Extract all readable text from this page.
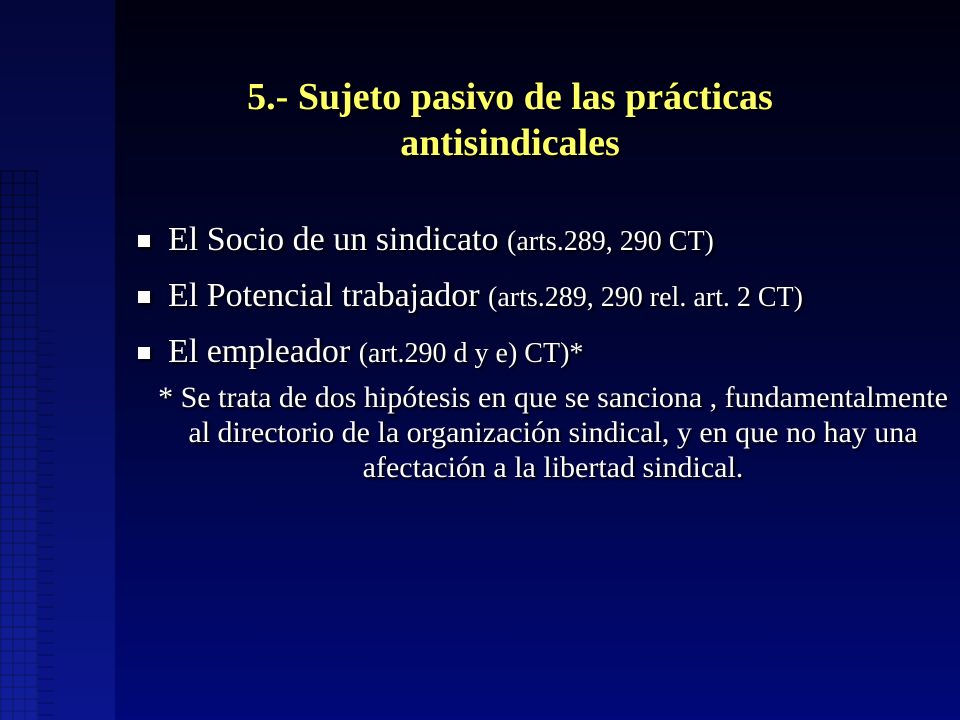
5.- Sujeto pasivo de las prácticas antisindicales
El Socio de un sindicato (arts.289, 290 CT)
El Potencial trabajador (arts.289, 290 rel. art. 2 CT)
El empleador (art.290 d y e) CT)*

* Se trata de dos hipótesis en que se sanciona , fundamentalmente al directorio de la organización sindical, y en que no hay una afectación a la libertad sindical.
